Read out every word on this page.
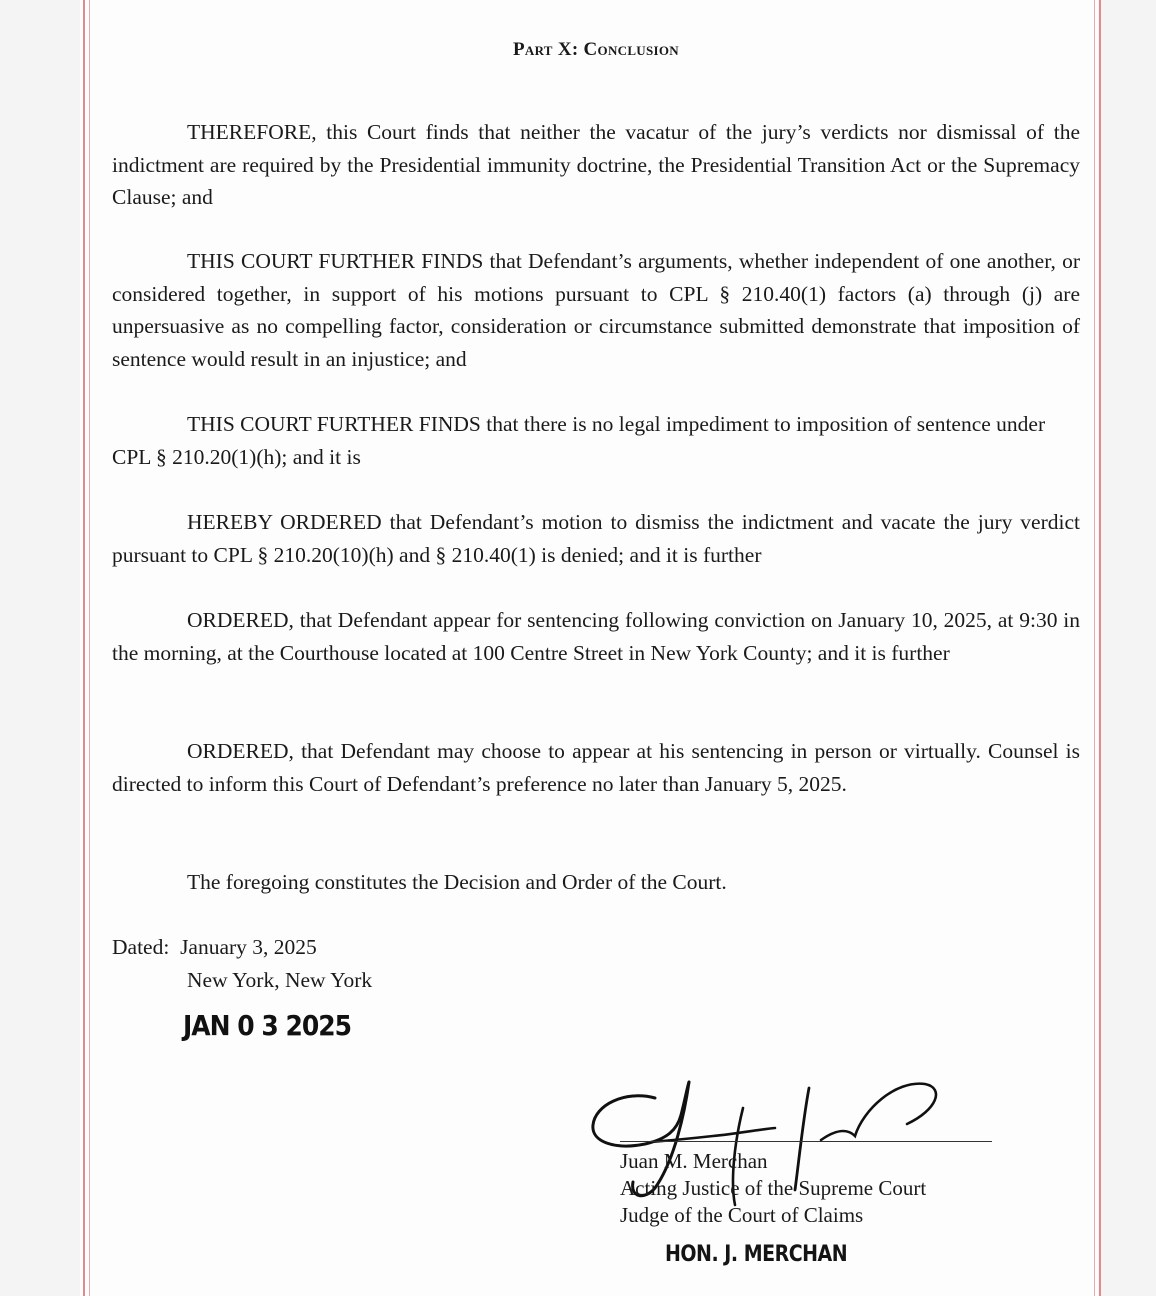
Part X: Conclusion

THEREFORE, this Court finds that neither the vacatur of the jury’s verdicts nor dismissal of the indictment are required by the Presidential immunity doctrine, the Presidential Transition Act or the Supremacy Clause; and

THIS COURT FURTHER FINDS that Defendant’s arguments, whether independent of one another, or considered together, in support of his motions pursuant to CPL § 210.40(1) factors (a) through (j) are unpersuasive as no compelling factor, consideration or circumstance submitted demonstrate that imposition of sentence would result in an injustice; and

THIS COURT FURTHER FINDS that there is no legal impediment to imposition of sentence under CPL § 210.20(1)(h); and it is

HEREBY ORDERED that Defendant’s motion to dismiss the indictment and vacate the jury verdict pursuant to CPL § 210.20(10)(h) and § 210.40(1) is denied; and it is further

ORDERED, that Defendant appear for sentencing following conviction on January 10, 2025, at 9:30 in the morning, at the Courthouse located at 100 Centre Street in New York County; and it is further

ORDERED, that Defendant may choose to appear at his sentencing in person or virtually. Counsel is directed to inform this Court of Defendant’s preference no later than January 5, 2025.

The foregoing constitutes the Decision and Order of the Court.

Dated: January 3, 2025
New York, New York
JAN 0 3 2025
Juan M. Merchan
Acting Justice of the Supreme Court
Judge of the Court of Claims
HON. J. MERCHAN
